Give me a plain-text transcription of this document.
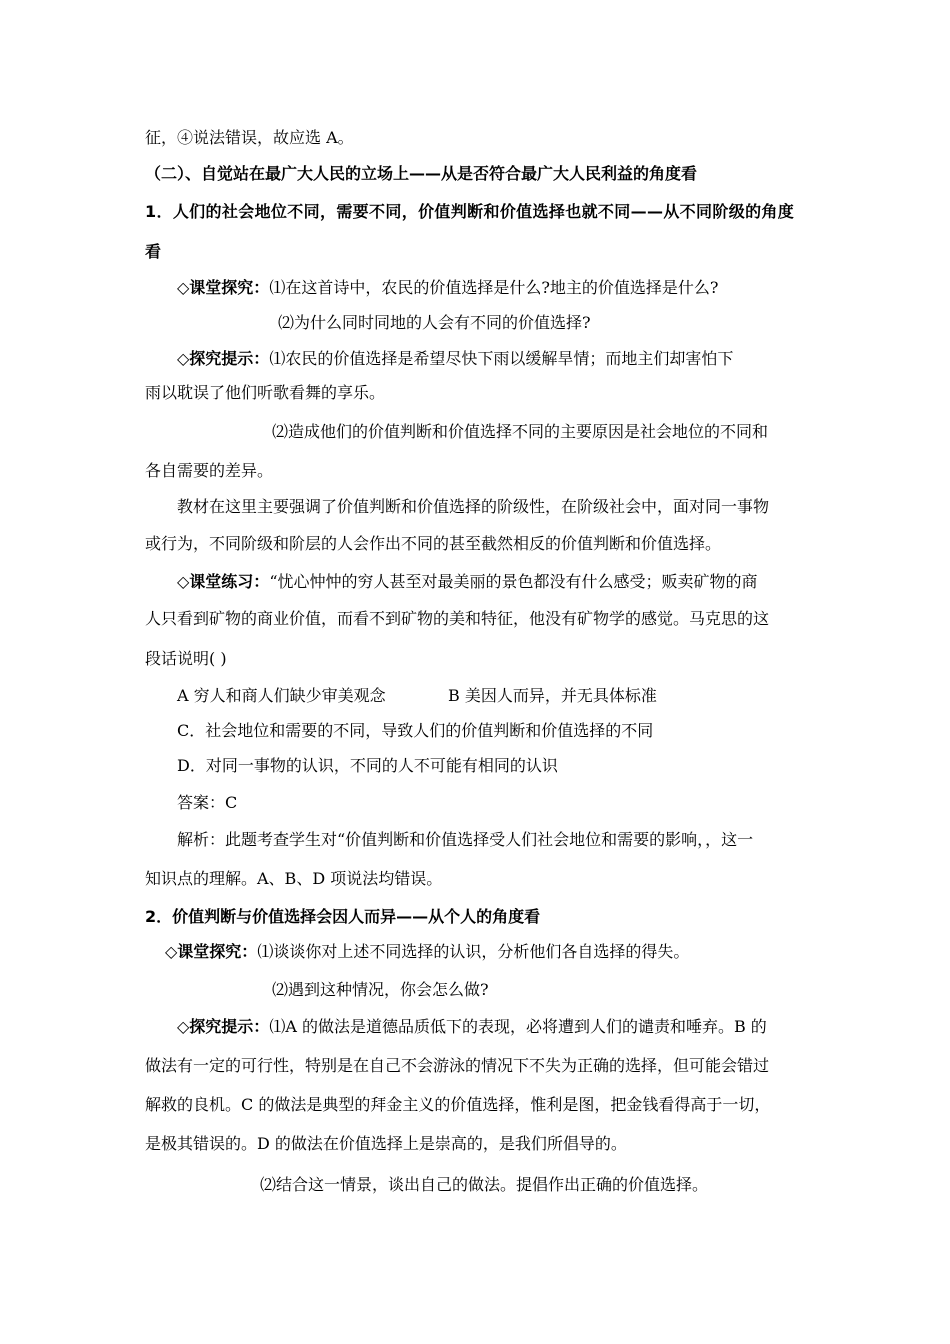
征，④说法错误，故应选 A。
（二）、自觉站在最广大人民的立场上——从是否符合最广大人民利益的角度看
1．人们的社会地位不同，需要不同，价值判断和价值选择也就不同——从不同阶级的角度
看
◇课堂探究：⑴在这首诗中，农民的价值选择是什么?地主的价值选择是什么?
⑵为什么同时同地的人会有不同的价值选择?
◇探究提示：⑴农民的价值选择是希望尽快下雨以缓解旱情；而地主们却害怕下
雨以耽误了他们听歌看舞的享乐。
⑵造成他们的价值判断和价值选择不同的主要原因是社会地位的不同和
各自需要的差异。
教材在这里主要强调了价值判断和价值选择的阶级性，在阶级社会中，面对同一事物
或行为，不同阶级和阶层的人会作出不同的甚至截然相反的价值判断和价值选择。
◇课堂练习：“忧心忡忡的穷人甚至对最美丽的景色都没有什么感受；贩卖矿物的商
人只看到矿物的商业价值，而看不到矿物的美和特征，他没有矿物学的感觉。马克思的这
段话说明( )
A 穷人和商人们缺少审美观念	B 美因人而异，并无具体标准
C．社会地位和需要的不同，导致人们的价值判断和价值选择的不同
D．对同一事物的认识，不同的人不可能有相同的认识
答案：C
解析：此题考查学生对“价值判断和价值选择受人们社会地位和需要的影响，，这一
知识点的理解。A、B、D 项说法均错误。
2．价值判断与价值选择会因人而异——从个人的角度看
◇课堂探究：⑴谈谈你对上述不同选择的认识，分析他们各自选择的得失。
⑵遇到这种情况，你会怎么做?
◇探究提示：⑴A 的做法是道德品质低下的表现，必将遭到人们的谴责和唾弃。B 的
做法有一定的可行性，特别是在自己不会游泳的情况下不失为正确的选择，但可能会错过
解救的良机。C 的做法是典型的拜金主义的价值选择，惟利是图，把金钱看得高于一切，
是极其错误的。D 的做法在价值选择上是崇高的，是我们所倡导的。
⑵结合这一情景，谈出自己的做法。提倡作出正确的价值选择。
